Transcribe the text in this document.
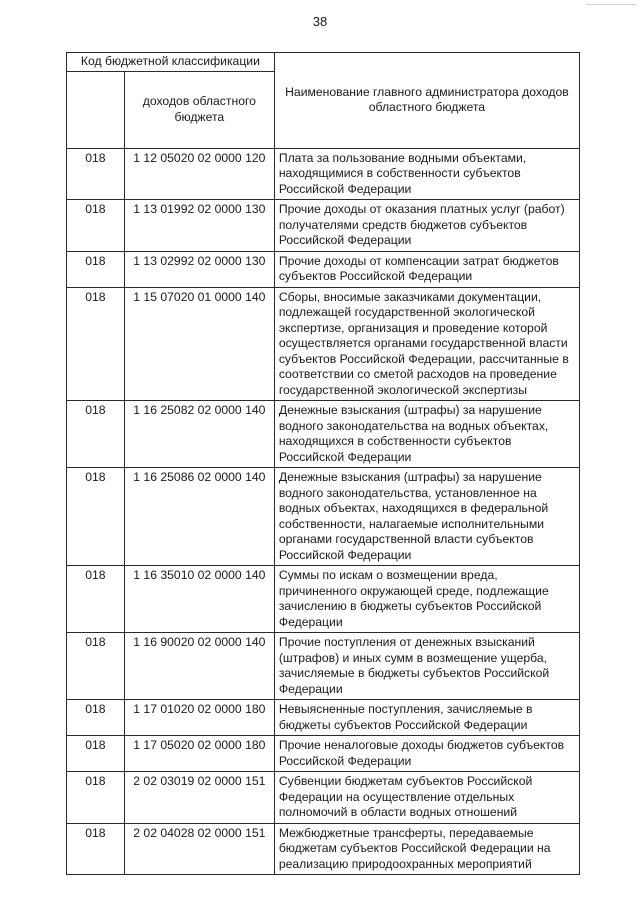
38
Код бюджетной классификации		Наименование главного администратора доходов областного бюджета
	доходов областного бюджета	
018	1 12 05020 02 0000 120	Плата за пользование водными объектами, находящимися в собственности субъектов Российской Федерации
018	1 13 01992 02 0000 130	Прочие доходы от оказания платных услуг (работ) получателями средств бюджетов субъектов Российской Федерации
018	1 13 02992 02 0000 130	Прочие доходы от компенсации затрат бюджетов субъектов Российской Федерации
018	1 15 07020 01 0000 140	Сборы, вносимые заказчиками документации, подлежащей государственной экологической экспертизе, организация и проведение которой осуществляется органами государственной власти субъектов Российской Федерации, рассчитанные в соответствии со сметой расходов на проведение государственной экологической экспертизы
018	1 16 25082 02 0000 140	Денежные взыскания (штрафы) за нарушение водного законодательства на водных объектах, находящихся в собственности субъектов Российской Федерации
018	1 16 25086 02 0000 140	Денежные взыскания (штрафы) за нарушение водного законодательства, установленное на водных объектах, находящихся в федеральной собственности, налагаемые исполнительными органами государственной власти субъектов Российской Федерации
018	1 16 35010 02 0000 140	Суммы по искам о возмещении вреда, причиненного окружающей среде, подлежащие зачислению в бюджеты субъектов Российской Федерации
018	1 16 90020 02 0000 140	Прочие поступления от денежных взысканий (штрафов) и иных сумм в возмещение ущерба, зачисляемые в бюджеты субъектов Российской Федерации
018	1 17 01020 02 0000 180	Невыясненные поступления, зачисляемые в бюджеты субъектов Российской Федерации
018	1 17 05020 02 0000 180	Прочие неналоговые доходы бюджетов субъектов Российской Федерации
018	2 02 03019 02 0000 151	Субвенции бюджетам субъектов Российской Федерации на осуществление отдельных полномочий в области водных отношений
018	2 02 04028 02 0000 151	Межбюджетные трансферты, передаваемые бюджетам субъектов Российской Федерации на реализацию природоохранных мероприятий
